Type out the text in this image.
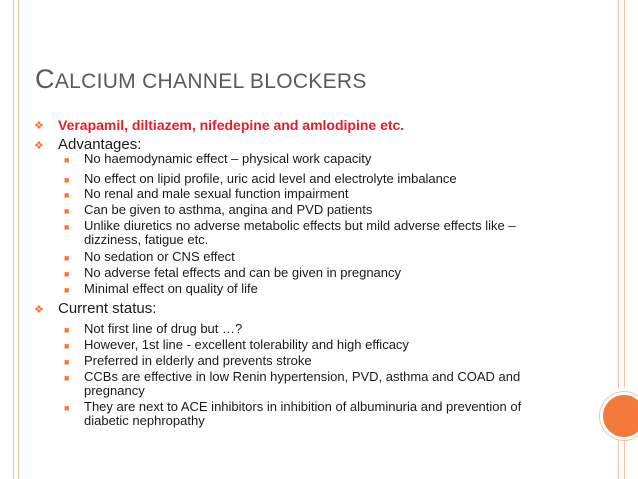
CALCIUM CHANNEL BLOCKERS
❖ Verapamil, diltiazem, nifedepine and amlodipine etc.
❖ Advantages:
■ No haemodynamic effect – physical work capacity
■ No effect on lipid profile, uric acid level and electrolyte imbalance
■ No renal and male sexual function impairment
■ Can be given to asthma, angina and PVD patients
■ Unlike diuretics no adverse metabolic effects but mild adverse effects like – dizziness, fatigue etc.
■ No sedation or CNS effect
■ No adverse fetal effects and can be given in pregnancy
■ Minimal effect on quality of life
❖ Current status:
■ Not first line of drug but …?
■ However, 1st line - excellent tolerability and high efficacy
■ Preferred in elderly and prevents stroke
■ CCBs are effective in low Renin hypertension, PVD, asthma and COAD and pregnancy
■ They are next to ACE inhibitors in inhibition of albuminuria and prevention of diabetic nephropathy
